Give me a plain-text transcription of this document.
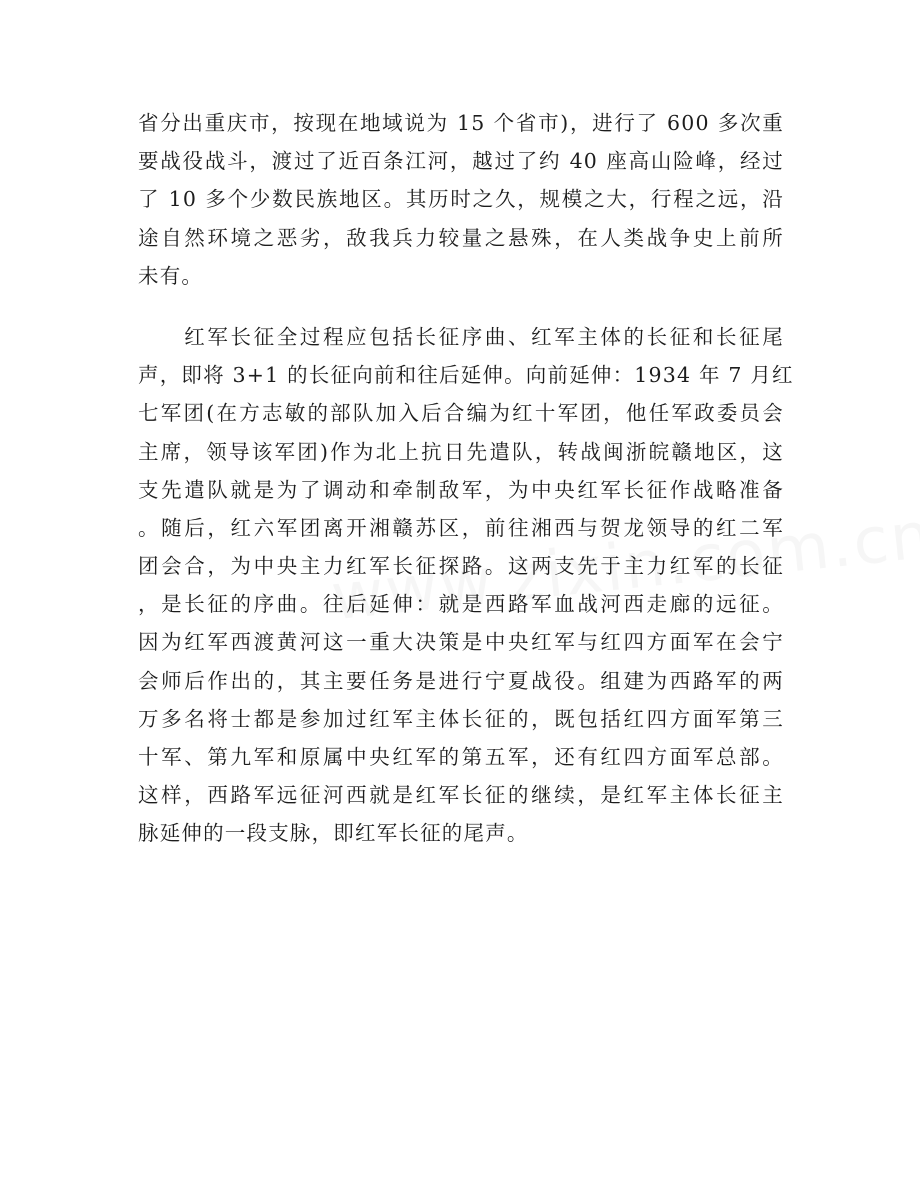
省分出重庆市，按现在地域说为 15 个省市)，进行了 600 多次重
要战役战斗，渡过了近百条江河，越过了约 40 座高山险峰，经过
了 10 多个少数民族地区。其历时之久，规模之大，行程之远，沿
途自然环境之恶劣，敌我兵力较量之悬殊，在人类战争史上前所
未有。
　　红军长征全过程应包括长征序曲、红军主体的长征和长征尾
声，即将 3+1 的长征向前和往后延伸。向前延伸：1934 年 7 月红
七军团(在方志敏的部队加入后合编为红十军团，他任军政委员会
主席，领导该军团)作为北上抗日先遣队，转战闽浙皖赣地区，这
支先遣队就是为了调动和牵制敌军，为中央红军长征作战略准备
。随后，红六军团离开湘赣苏区，前往湘西与贺龙领导的红二军
团会合，为中央主力红军长征探路。这两支先于主力红军的长征
，是长征的序曲。往后延伸：就是西路军血战河西走廊的远征。
因为红军西渡黄河这一重大决策是中央红军与红四方面军在会宁
会师后作出的，其主要任务是进行宁夏战役。组建为西路军的两
万多名将士都是参加过红军主体长征的，既包括红四方面军第三
十军、第九军和原属中央红军的第五军，还有红四方面军总部。
这样，西路军远征河西就是红军长征的继续，是红军主体长征主
脉延伸的一段支脉，即红军长征的尾声。
